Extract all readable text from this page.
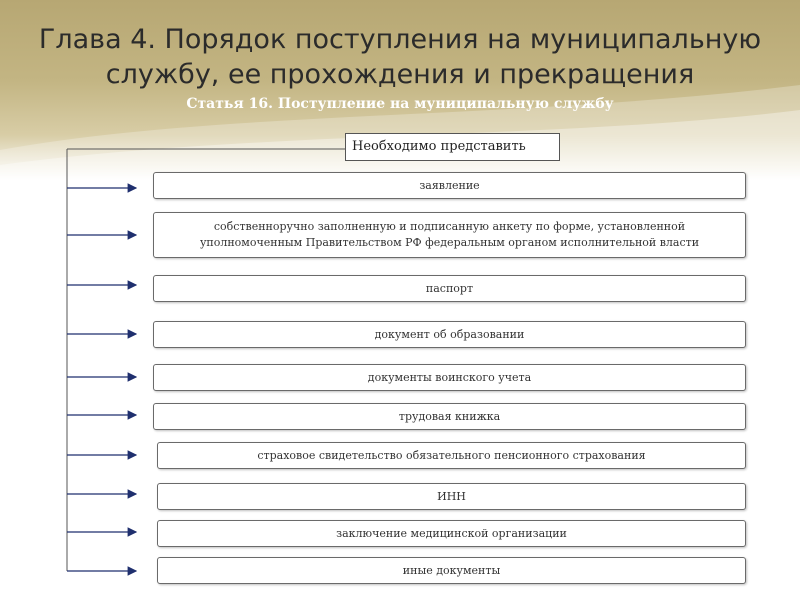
Глава 4. Порядок поступления на муниципальную
службу, ее прохождения и прекращения

Статья 16. Поступление на муниципальную службу

Необходимо представить
заявление
собственноручно заполненную и подписанную анкету по форме, установленной уполномоченным Правительством РФ федеральным органом исполнительной власти
паспорт
документ об образовании
документы воинского учета
трудовая книжка
страховое свидетельство обязательного пенсионного страхования
ИНН
заключение медицинской организации
иные документы
